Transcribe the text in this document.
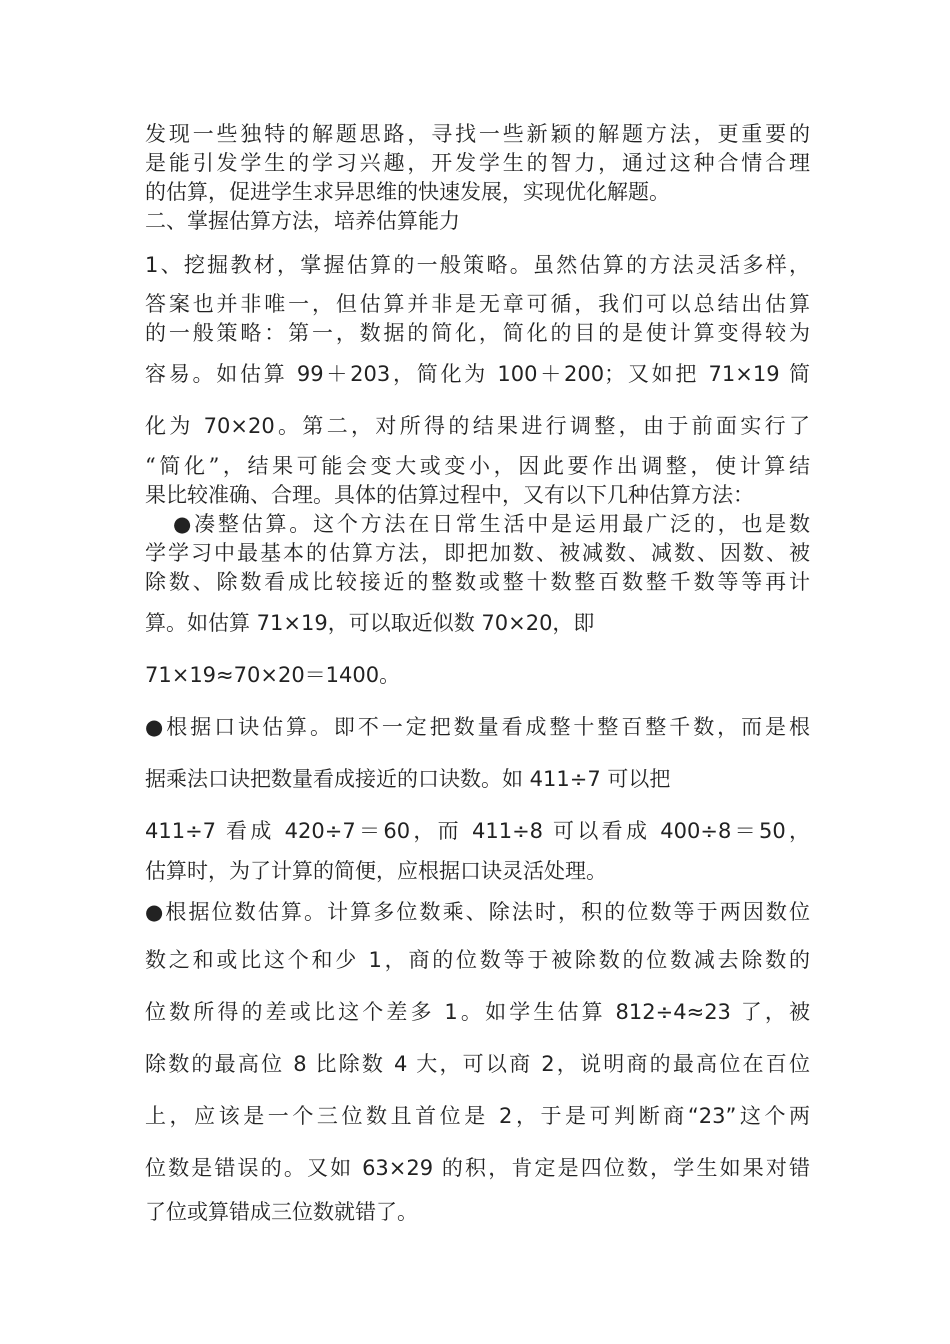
发现一些独特的解题思路，寻找一些新颖的解题方法，更重要的
是能引发学生的学习兴趣，开发学生的智力，通过这种合情合理
的估算，促进学生求异思维的快速发展，实现优化解题。
二、掌握估算方法，培养估算能力
1、挖掘教材，掌握估算的一般策略。虽然估算的方法灵活多样，
答案也并非唯一，但估算并非是无章可循，我们可以总结出估算
的一般策略：第一，数据的简化，简化的目的是使计算变得较为
容易。如估算 99＋203，简化为 100＋200；又如把 71×19 简
化为 70×20。第二，对所得的结果进行调整，由于前面实行了
“简化”，结果可能会变大或变小，因此要作出调整，使计算结
果比较准确、合理。具体的估算过程中，又有以下几种估算方法：
●凑整估算。这个方法在日常生活中是运用最广泛的，也是数
学学习中最基本的估算方法，即把加数、被减数、减数、因数、被
除数、除数看成比较接近的整数或整十数整百数整千数等等再计
算。如估算 71×19，可以取近似数 70×20，即
71×19≈70×20＝1400。
●根据口诀估算。即不一定把数量看成整十整百整千数，而是根
据乘法口诀把数量看成接近的口诀数。如 411÷7 可以把
411÷7 看成 420÷7＝60，而 411÷8 可以看成 400÷8＝50，
估算时，为了计算的简便，应根据口诀灵活处理。
●根据位数估算。计算多位数乘、除法时，积的位数等于两因数位
数之和或比这个和少 1，商的位数等于被除数的位数减去除数的
位数所得的差或比这个差多 1。如学生估算 812÷4≈23 了，被
除数的最高位 8 比除数 4 大，可以商 2，说明商的最高位在百位
上，应该是一个三位数且首位是 2，于是可判断商“23”这个两
位数是错误的。又如 63×29 的积，肯定是四位数，学生如果对错
了位或算错成三位数就错了。
